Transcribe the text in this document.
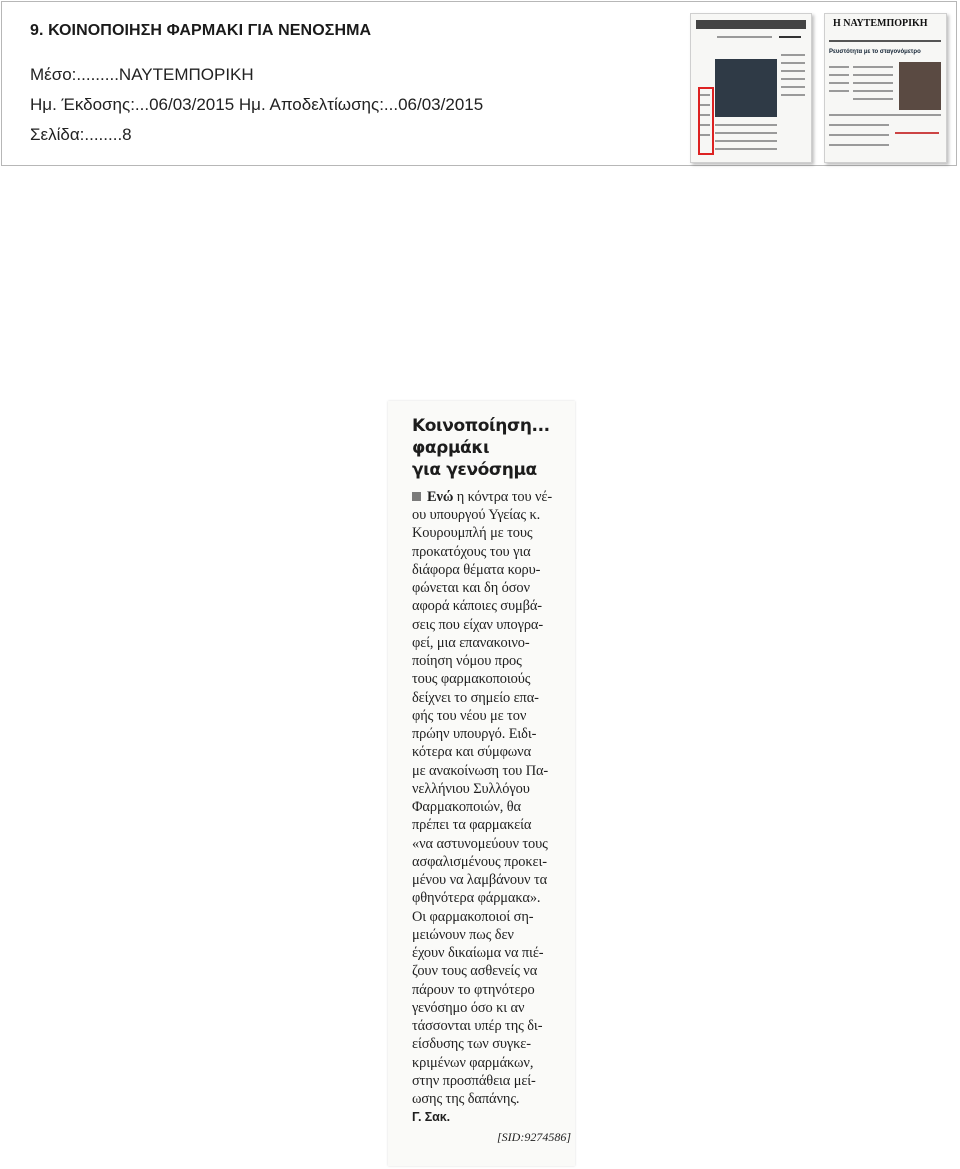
9. ΚΟΙΝΟΠΟΙΗΣΗ ΦΑΡΜΑΚΙ ΓΙΑ ΝΕΝΟΣΗΜΑ
Μέσο:.........ΝΑΥΤΕΜΠΟΡΙΚΗ
Ημ. Έκδοσης:...06/03/2015 Ημ. Αποδελτίωσης:...06/03/2015
Σελίδα:........8
Η ΝΑΥΤΕΜΠΟΡΙΚΗ
Ρευστότητα με το σταγονόμετρο
Κοινοποίηση...
φαρμάκι
για γενόσημα
Ενώ η κόντρα του νέ-
ου υπουργού Υγείας κ.
Κουρουμπλή με τους
προκατόχους του για
διάφορα θέματα κορυ-
φώνεται και δη όσον
αφορά κάποιες συμβά-
σεις που είχαν υπογρα-
φεί, μια επανακοινο-
ποίηση νόμου προς
τους φαρμακοποιούς
δείχνει το σημείο επα-
φής του νέου με τον
πρώην υπουργό. Ειδι-
κότερα και σύμφωνα
με ανακοίνωση του Πα-
νελλήνιου Συλλόγου
Φαρμακοποιών, θα
πρέπει τα φαρμακεία
«να αστυνομεύουν τους
ασφαλισμένους προκει-
μένου να λαμβάνουν τα
φθηνότερα φάρμακα».
Οι φαρμακοποιοί ση-
μειώνουν πως δεν
έχουν δικαίωμα να πιέ-
ζουν τους ασθενείς να
πάρουν το φτηνότερο
γενόσημο όσο κι αν
τάσσονται υπέρ της δι-
είσδυσης των συγκε-
κριμένων φαρμάκων,
στην προσπάθεια μεί-
ωσης της δαπάνης.
Γ. Σακ.
[SID:9274586]
